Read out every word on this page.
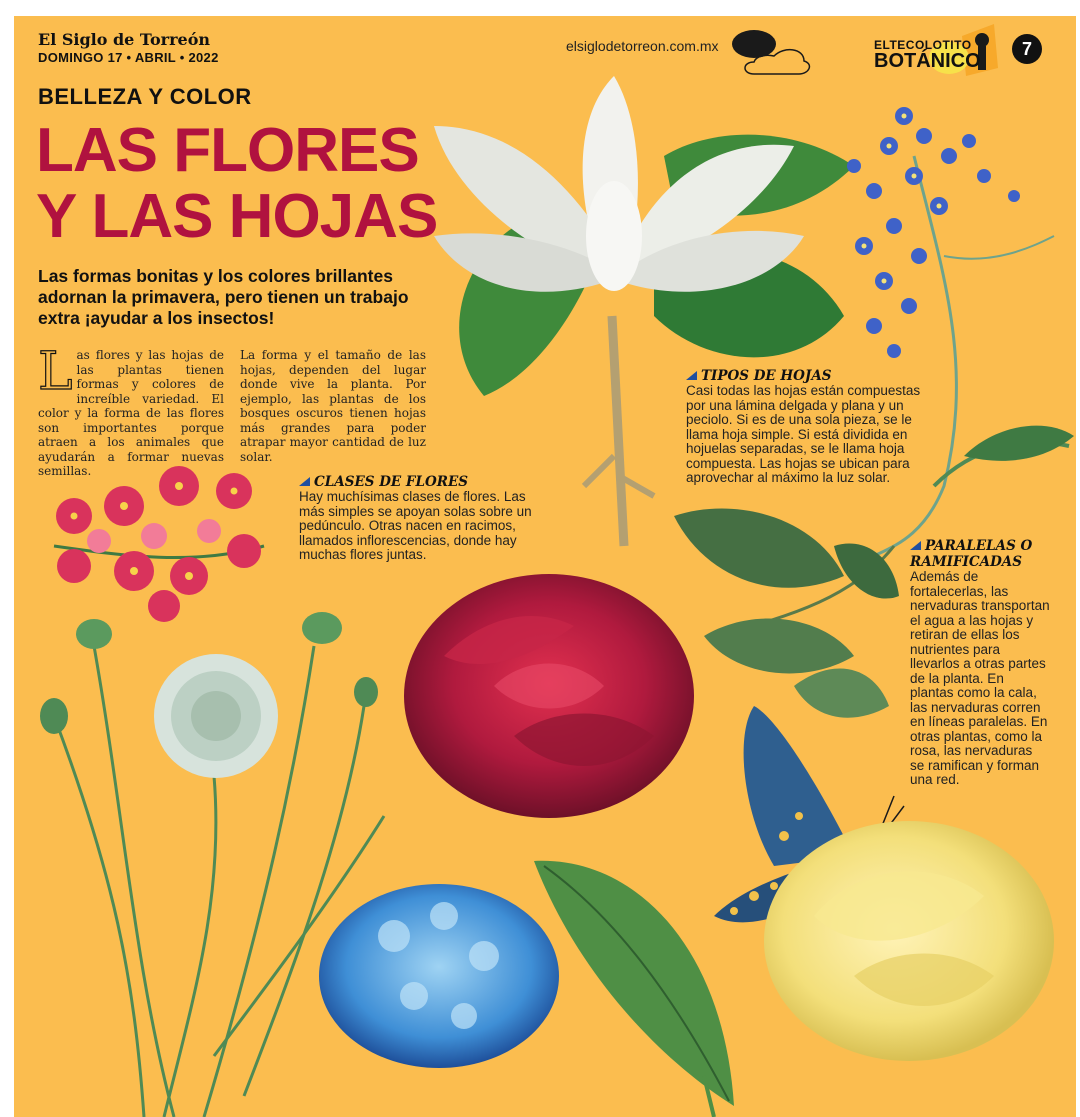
El Siglo de Torreón
DOMINGO 17 • ABRIL • 2022
elsiglodetorreon.com.mx	ELTECOLOTITO
BOTÁNICO
7
BELLEZA Y COLOR
LAS FLORES
Y LAS HOJAS
Las formas bonitas y los colores brillantes adornan la primavera, pero tienen un trabajo extra ¡ayudar a los insectos!
Las flores y las hojas de las plantas tienen formas y colores de increíble variedad. El color y la forma de las flores son importantes porque atraen a los animales que ayudarán a formar nuevas semillas.
La forma y el tamaño de las hojas, dependen del lugar donde vive la planta. Por ejemplo, las plantas de los bosques oscuros tienen hojas más grandes para poder atrapar mayor cantidad de luz solar.
CLASES DE FLORES
Hay muchísimas clases de flores. Las más simples se apoyan solas sobre un pedúnculo. Otras nacen en racimos, llamados inflorescencias, donde hay muchas flores juntas.
TIPOS DE HOJAS
Casi todas las hojas están compuestas por una lámina delgada y plana y un peciolo. Si es de una sola pieza, se le llama hoja simple. Si está dividida en hojuelas separadas, se le llama hoja compuesta. Las hojas se ubican para aprovechar al máximo la luz solar.
PARALELAS O RAMIFICADAS
Además de fortalecerlas, las nervaduras transportan el agua a las hojas y retiran de ellas los nutrientes para llevarlos a otras partes de la planta. En plantas como la cala, las nervaduras corren en líneas paralelas. En otras plantas, como la rosa, las nervaduras se ramifican y forman una red.
